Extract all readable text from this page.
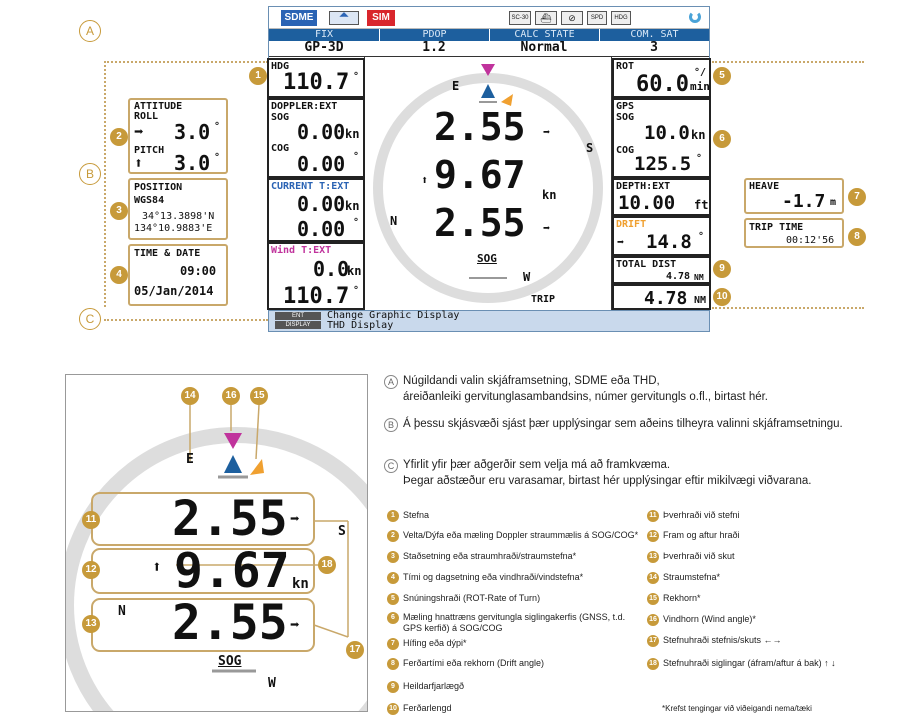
A
B
C
ATTITUDE
ROLL
➡ 3.0 °
PITCH
⬆ 3.0 °
POSITION
WGS84
34°13.3898'N
134°10.9883'E
TIME & DATE
09:00
05/Jan/2014
2
3
4
SDME	◢◣	SIM	SC-30	⛴	⊘	SPD	HDG
FIX	PDOP	CALC STATE	COM. SAT
GP-3D	1.2	Normal	3
HDG
110.7 °
DOPPLER:EXT
SOG
0.00 kn
COG
0.00 °
CURRENT T:EXT
0.00 kn
0.00 °
Wind T:EXT
0.0
kn
110.7 °
E
S
N
W
2.55 ➡
⬆ 9.67 kn
2.55 ➡
SOG
TRIP
ROT
60.0 °/
min
GPS
SOG
10.0 kn
COG
125.5 °
DEPTH:EXT
10.00 ft
DRIFT
➡ 14.8 °
TOTAL DIST
4.78 NM
4.78 NM
ENT
DISPLAY
Change Graphic Display
THD Display
HEAVE
-1.7 m
TRIP TIME
00:12'56
1	5
6
7
8
9
10
14	16	15
11
12
13
18
17
E
S
N
W
2.55 ➡
⬆ 9.67 kn
2.55 ➡
SOG
A Núgildandi valin skjáframsetning, SDME eða THD,
áreiðanleiki gervitunglasambandsins, númer gervitungls o.fl., birtast hér.
B Á þessu skjásvæði sjást þær upplýsingar sem aðeins tilheyra valinni skjáframsetningu.
C Yfirlit yfir þær aðgerðir sem velja má að framkvæma.
Þegar aðstæður eru varasamar, birtast hér upplýsingar eftir mikilvægi viðvarana.
1 Stefna
2 Velta/Dýfa eða mæling Doppler straummælis á SOG/COG*
3 Staðsetning eða straumhraði/straumstefna*
4 Tími og dagsetning eða vindhraði/vindstefna*
5 Snúningshraði (ROT-Rate of Turn)
6 Mæling hnattræns gervitungla siglingakerfis (GNSS, t.d. GPS kerfið) á SOG/COG
7 Hífing eða dýpi*
8 Ferðartími eða rekhorn (Drift angle)
9 Heildarfjarlægð
10 Ferðarlengd
11 Þverhraði við stefni
12 Fram og aftur hraði
13 Þverhraði við skut
14 Straumstefna*
15 Rekhorn*
16 Vindhorn (Wind angle)*
17 Stefnuhraði stefnis/skuts ←→
18 Stefnuhraði siglingar (áfram/aftur á bak) ↑ ↓
*Krefst tengingar við viðeigandi nema/tæki
